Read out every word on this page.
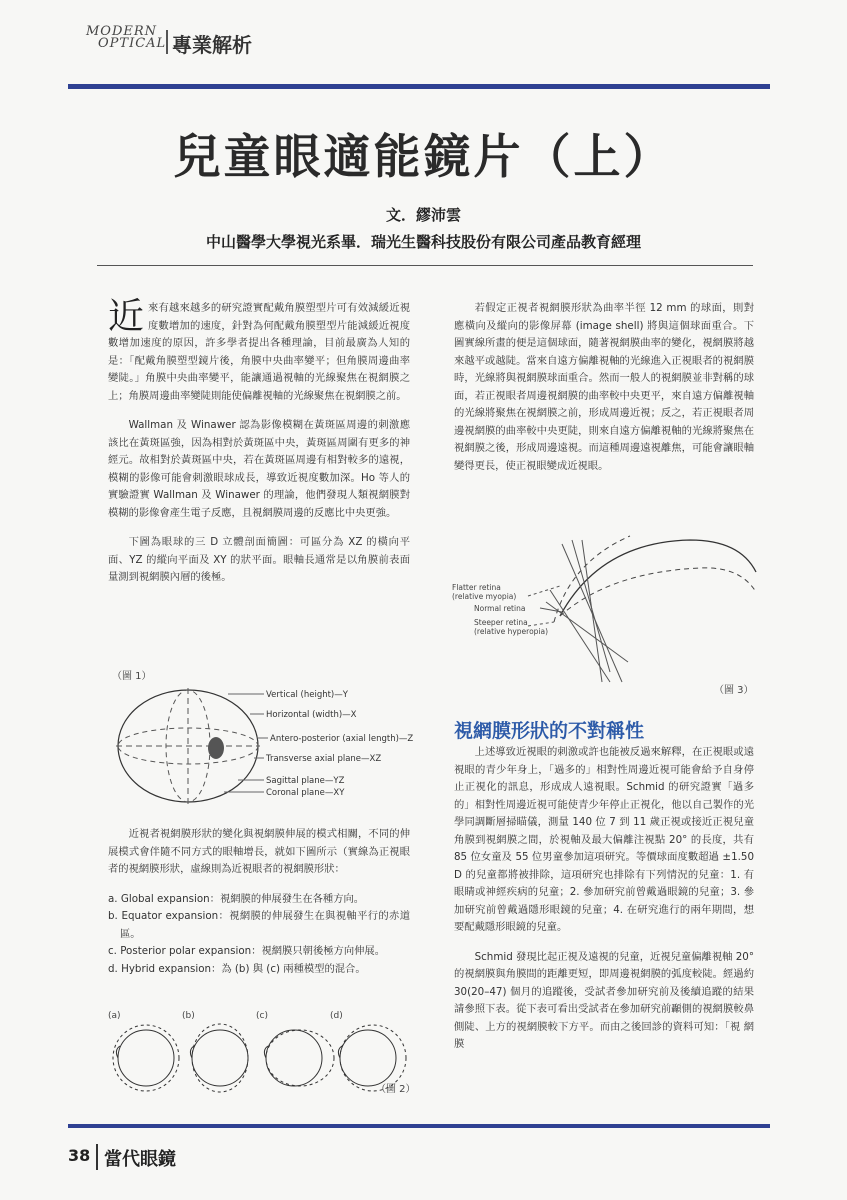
MODERN
OPTICAL 專業解析
兒童眼適能鏡片（上）
文．繆沛雲
中山醫學大學視光系畢．瑞光生醫科技股份有限公司產品教育經理

近來有越來越多的研究證實配戴角膜塑型片可有效減緩近視度數增加的速度，針對為何配戴角膜塑型片能減緩近視度數增加速度的原因，許多學者提出各種理論，目前最廣為人知的是：「配戴角膜塑型鏡片後，角膜中央曲率變平；但角膜周邊曲率變陡。」角膜中央曲率變平，能讓通過視軸的光線聚焦在視網膜之上；角膜周邊曲率變陡則能使偏離視軸的光線聚焦在視網膜之前。

Wallman 及 Winawer 認為影像模糊在黃斑區周邊的刺激應該比在黃斑區強，因為相對於黃斑區中央，黃斑區周圍有更多的神經元。故相對於黃斑區中央，若在黃斑區周邊有相對較多的遠視，模糊的影像可能會刺激眼球成長，導致近視度數加深。Ho 等人的實驗證實 Wallman 及 Winawer 的理論，他們發現人類視網膜對模糊的影像會產生電子反應，且視網膜周邊的反應比中央更強。

下圖為眼球的三 D 立體剖面簡圖：可區分為 XZ 的橫向平面、YZ 的縱向平面及 XY 的狀平面。眼軸長通常是以角膜前表面量測到視網膜內層的後極。

（圖 1）
Vertical (height)—Y
Horizontal (width)—X
Antero-posterior (axial length)—Z
Transverse axial plane—XZ
Sagittal plane—YZ
Coronal plane—XY

近視者視網膜形狀的變化與視網膜伸展的模式相關，不同的伸展模式會伴隨不同方式的眼軸增長，就如下圖所示（實線為正視眼者的視網膜形狀，虛線則為近視眼者的視網膜形狀：

a. Global expansion：視網膜的伸展發生在各種方向。
b. Equator expansion：視網膜的伸展發生在與視軸平行的赤道區。
c. Posterior polar expansion：視網膜只朝後極方向伸展。
d. Hybrid expansion：為 (b) 與 (c) 兩種模型的混合。
(a)	(b)	(c)	(d)
（圖 2）

若假定正視者視網膜形狀為曲率半徑 12 mm 的球面，則對應橫向及縱向的影像屏幕 (image shell) 將與這個球面重合。下圖實線所畫的便是這個球面，隨著視網膜曲率的變化，視網膜將越來越平或越陡。當來自遠方偏離視軸的光線進入正視眼者的視網膜時，光線將與視網膜球面重合。然而一般人的視網膜並非對稱的球面，若正視眼者周邊視網膜的曲率較中央更平，來自遠方偏離視軸的光線將聚焦在視網膜之前，形成周邊近視；反之，若正視眼者周邊視網膜的曲率較中央更陡，則來自遠方偏離視軸的光線將聚焦在視網膜之後，形成周邊遠視。而這種周邊遠視離焦，可能會讓眼軸變得更長，使正視眼變成近視眼。

Flatter retina
(relative myopia)
Normal retina
Steeper retina
(relative hyperopia)
（圖 3）
視網膜形狀的不對稱性

上述導致近視眼的刺激或許也能被反過來解釋，在正視眼或遠視眼的青少年身上，「過多的」相對性周邊近視可能會給予自身停止正視化的訊息，形成成人遠視眼。Schmid 的研究證實「過多的」相對性周邊近視可能使青少年停止正視化，他以自己製作的光學同調斷層掃瞄儀，測量 140 位 7 到 11 歲正視或接近正視兒童角膜到視網膜之間，於視軸及最大偏離注視點 20° 的長度，共有 85 位女童及 55 位男童參加這項研究。等價球面度數超過 ±1.50 D 的兒童都將被排除，這項研究也排除有下列情況的兒童：1. 有眼睛或神經疾病的兒童；2. 參加研究前曾戴過眼鏡的兒童；3. 參加研究前曾戴過隱形眼鏡的兒童；4. 在研究進行的兩年期間，想要配戴隱形眼鏡的兒童。

Schmid 發現比起正視及遠視的兒童，近視兒童偏離視軸 20° 的視網膜與角膜間的距離更短，即周邊視網膜的弧度較陡。經過約 30(20–47) 個月的追蹤後，受試者參加研究前及後續追蹤的結果請參照下表。從下表可看出受試者在參加研究前顳側的視網膜較鼻側陡、上方的視網膜較下方平。而由之後回診的資料可知：「視 網 膜

38 當代眼鏡
